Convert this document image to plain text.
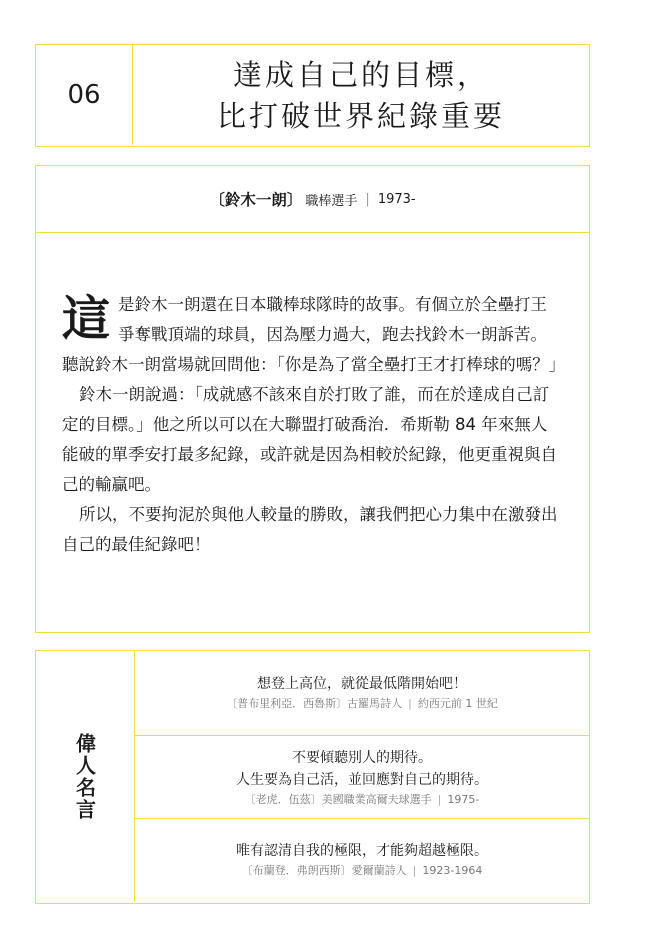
06
達成自己的目標，
比打破世界紀錄重要
〔鈴木一朗〕 職棒選手 | 1973-

這是鈴木一朗還在日本職棒球隊時的故事。有個立於全壘打王爭奪戰頂端的球員，因為壓力過大，跑去找鈴木一朗訴苦。聽說鈴木一朗當場就回問他：「你是為了當全壘打王才打棒球的嗎？」

鈴木一朗說過：「成就感不該來自於打敗了誰，而在於達成自己訂定的目標。」他之所以可以在大聯盟打破喬治．希斯勒 84 年來無人能破的單季安打最多紀錄，或許就是因為相較於紀錄，他更重視與自己的輸贏吧。

所以，不要拘泥於與他人較量的勝敗，讓我們把心力集中在激發出自己的最佳紀錄吧！

偉人名言
想登上高位，就從最低階開始吧！
〔普布里利亞．西魯斯〕古羅馬詩人 | 約西元前 1 世紀
不要傾聽別人的期待。
人生要為自己活，並回應對自己的期待。
〔老虎．伍茲〕美國職業高爾夫球選手 | 1975-
唯有認清自我的極限，才能夠超越極限。
〔布蘭登．弗朗西斯〕愛爾蘭詩人 | 1923-1964
